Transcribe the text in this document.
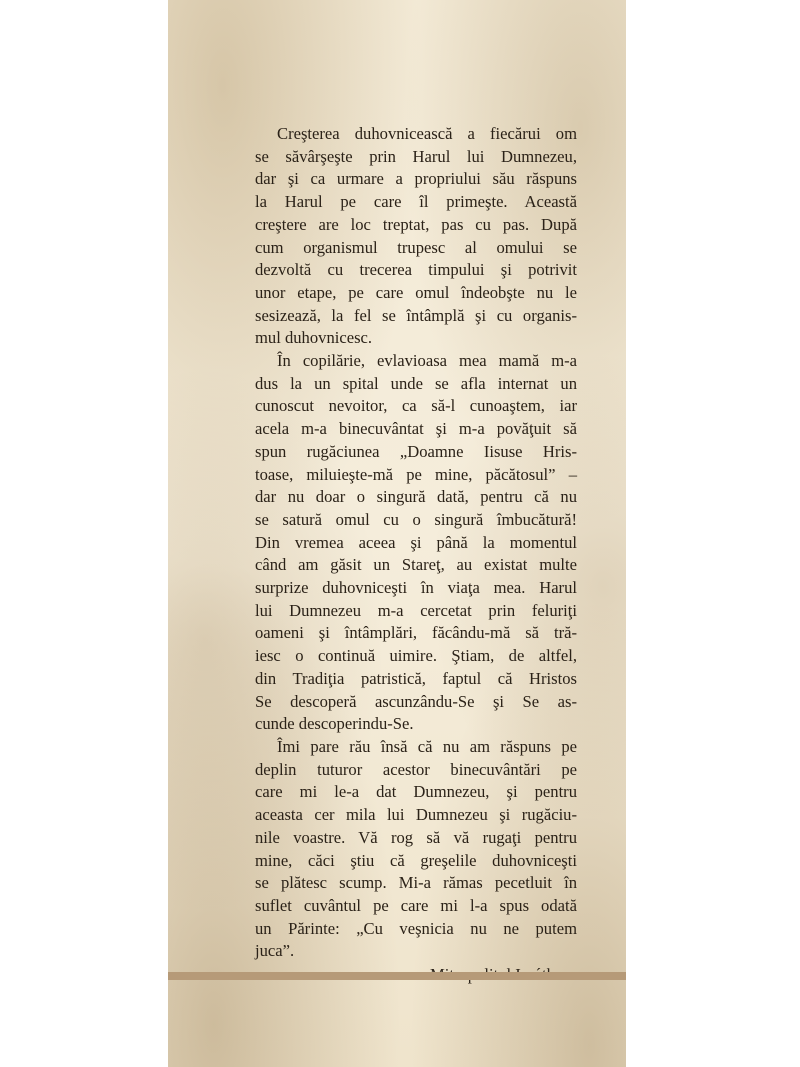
Creşterea duhovnicească a fiecărui om
se săvârşeşte prin Harul lui Dumnezeu,
dar şi ca urmare a propriului său răspuns
la Harul pe care îl primeşte. Această
creştere are loc treptat, pas cu pas. După
cum organismul trupesc al omului se
dezvoltă cu trecerea timpului şi potrivit
unor etape, pe care omul îndeobşte nu le
sesizează, la fel se întâmplă şi cu organis-
mul duhovnicesc.
În copilărie, evlavioasa mea mamă m-a
dus la un spital unde se afla internat un
cunoscut nevoitor, ca să-l cunoaştem, iar
acela m-a binecuvântat şi m-a povăţuit să
spun rugăciunea „Doamne Iisuse Hris-
toase, miluieşte-mă pe mine, păcătosul” –
dar nu doar o singură dată, pentru că nu
se satură omul cu o singură îmbucătură!
Din vremea aceea şi până la momentul
când am găsit un Stareţ, au existat multe
surprize duhovniceşti în viaţa mea. Harul
lui Dumnezeu m-a cercetat prin feluriţi
oameni şi întâmplări, făcându-mă să tră-
iesc o continuă uimire. Ştiam, de altfel,
din Tradiţia patristică, faptul că Hristos
Se descoperă ascunzându-Se şi Se as-
cunde descoperindu-Se.
Îmi pare rău însă că nu am răspuns pe
deplin tuturor acestor binecuvântări pe
care mi le-a dat Dumnezeu, şi pentru
aceasta cer mila lui Dumnezeu şi rugăciu-
nile voastre. Vă rog să vă rugaţi pentru
mine, căci ştiu că greşelile duhovniceşti
se plătesc scump. Mi-a rămas pecetluit în
suflet cuvântul pe care mi l-a spus odată
un Părinte: „Cu veşnicia nu ne putem
juca”.
